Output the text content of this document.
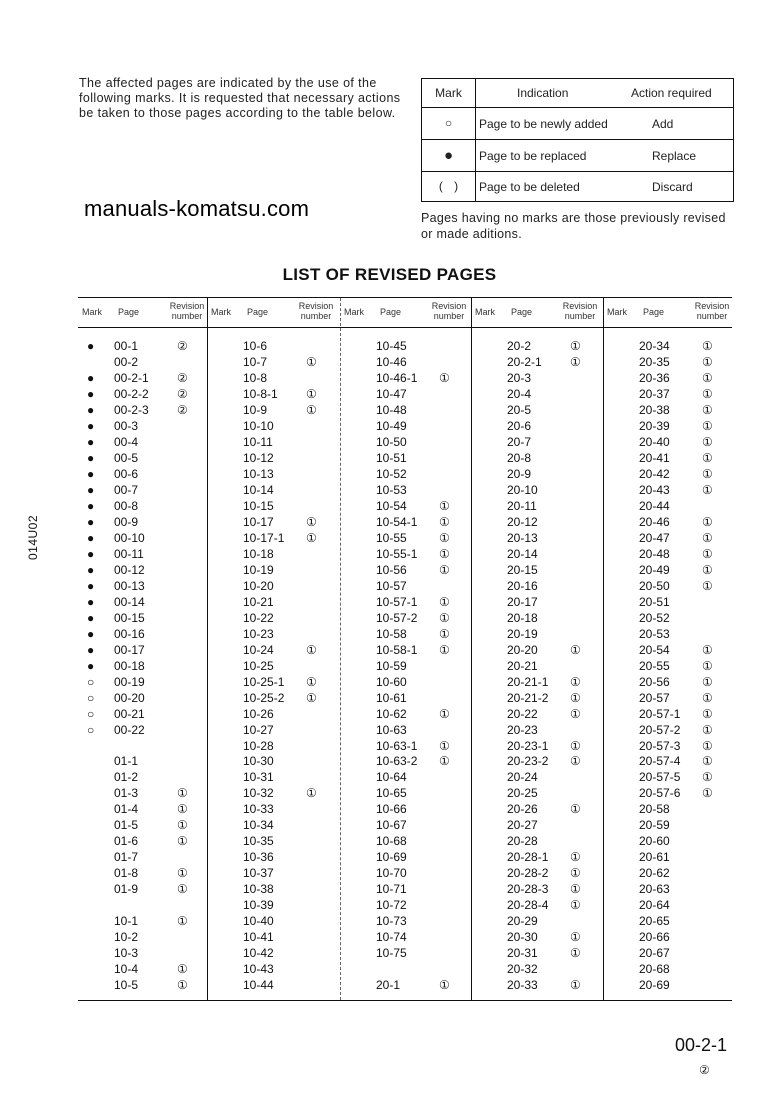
The affected pages are indicated by the use of the following marks. It is requested that necessary actions be taken to those pages according to the table below.
Mark	Indication	Action required
○	Page to be newly added	Add
●	Page to be replaced	Replace
( )	Page to be deleted	Discard
Pages having no marks are those previously revised or made aditions.
LIST OF REVISED PAGES
Mark Page
Revision number
● 00-1	②
00-2
● 00-2-1 ②
● 00-2-2 ②
● 00-2-3 ②
● 00-3
● 00-4
● 00-5
● 00-6
● 00-7
● 00-8
● 00-9
● 00-10
● 00-11
● 00-12
● 00-13
● 00-14
● 00-15
● 00-16
● 00-17
● 00-18
○ 00-19
○ 00-20
○ 00-21
○ 00-22
01-1
01-2
01-3	①
01-4	①
01-5	①
01-6	①
01-7
01-8	①
01-9	①
10-1	①
10-2
10-3
10-4	①
10-5	①
Mark Page
Revision number
10-6
10-7	①
10-8
10-8-1 ①
10-9	①
10-10
10-11
10-12
10-13
10-14
10-15
10-17	①
10-17-1 ①
10-18
10-19
10-20
10-21
10-22
10-23
10-24	①
10-25
10-25-1 ①
10-25-2 ①
10-26
10-27
10-28
10-30
10-31
10-32	①
10-33
10-34
10-35
10-36
10-37
10-38
10-39
10-40
10-41
10-42
10-43
10-44
Mark Page
Revision number
10-45
10-46
10-46-1 ①
10-47
10-48
10-49
10-50
10-51
10-52
10-53
10-54	①
10-54-1 ①
10-55	①
10-55-1 ①
10-56	①
10-57
10-57-1 ①
10-57-2 ①
10-58	①
10-58-1 ①
10-59
10-60
10-61
10-62	①
10-63
10-63-1 ①
10-63-2 ①
10-64
10-65
10-66
10-67
10-68
10-69
10-70
10-71
10-72
10-73
10-74
10-75
20-1	①
Mark Page
Revision number
20-2	①
20-2-1 ①
20-3
20-4
20-5
20-6
20-7
20-8
20-9
20-10
20-11
20-12
20-13
20-14
20-15
20-16
20-17
20-18
20-19
20-20	①
20-21
20-21-1 ①
20-21-2 ①
20-22	①
20-23
20-23-1 ①
20-23-2 ①
20-24
20-25
20-26	①
20-27
20-28
20-28-1 ①
20-28-2 ①
20-28-3 ①
20-28-4 ①
20-29
20-30	①
20-31	①
20-32
20-33	①
Mark Page
Revision number
20-34	①
20-35	①
20-36	①
20-37	①
20-38	①
20-39	①
20-40	①
20-41	①
20-42	①
20-43	①
20-44
20-46	①
20-47	①
20-48	①
20-49	①
20-50	①
20-51
20-52
20-53
20-54	①
20-55	①
20-56	①
20-57	①
20-57-1 ①
20-57-2 ①
20-57-3 ①
20-57-4 ①
20-57-5 ①
20-57-6 ①
20-58
20-59
20-60
20-61
20-62
20-63
20-64
20-65
20-66
20-67
20-68
20-69
manuals-komatsu.com
014U02
00-2-1
②
